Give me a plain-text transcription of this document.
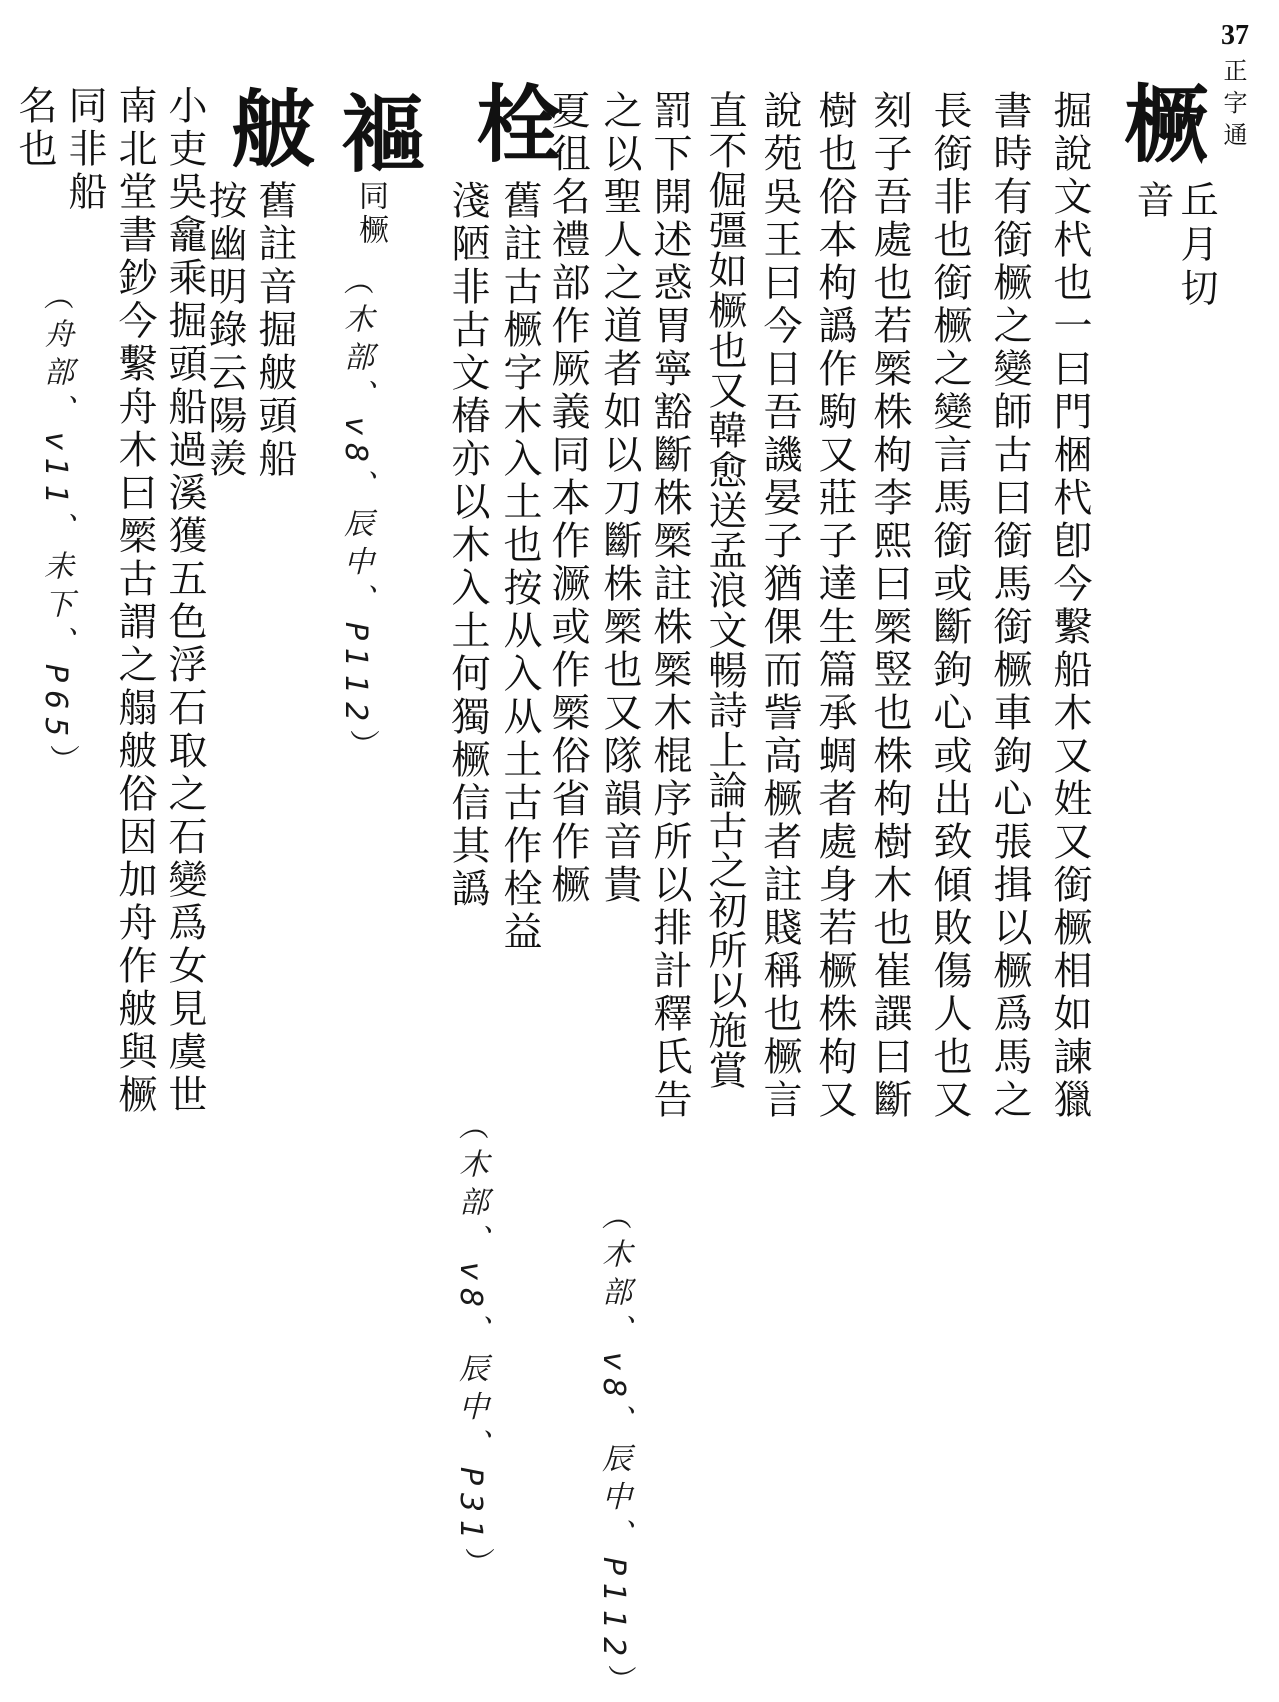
37
正字通
橛
丘月切音
掘說文杙也一曰門梱杙卽今繫船木又姓又銜橛相如諫獵
書時有銜橛之變師古曰銜馬銜橛車鉤心張揖以橛爲馬之
長銜非也銜橛之變言馬銜或斷鉤心或出致傾敗傷人也又
刻子吾處也若橜株枸李熙曰橜竪也株枸樹木也崔譔曰斷
樹也俗本枸譌作駒又莊子達生篇承蜩者處身若橛株枸又
說苑吳王曰今日吾譏晏子猶倮而訾高橛者註賤稱也橛言
直不倔彊如橛也又韓愈送孟浪文暢詩上論古之初所以施賞
罰下開述惑胃寧豁斷株橜註株橜木棍序所以排計釋氏告
之以聖人之道者如以刀斷株橜也又隊韻音貴
夏徂名禮部作厥義同本作㵐或作橜俗省作橛
（木部、v8、辰中、P112）
栓
舊註古橛字木入土也按从入从土古作栓益
淺陋非古文椿亦以木入土何獨橛信其譌
（木部、v8、辰中、P31）
䙔
同橛
（木部、v8、辰中、P112）
𦨭
舊註音掘𦨭頭船
按幽明錄云陽羨
小吏吳龕乘掘頭船過溪獲五色浮石取之石變爲女見虞世
南北堂書鈔今繫舟木曰橜古謂之䑽𦨭俗因加舟作𦨭與橛
同非船
名也
（舟部、v11、未下、P65）
